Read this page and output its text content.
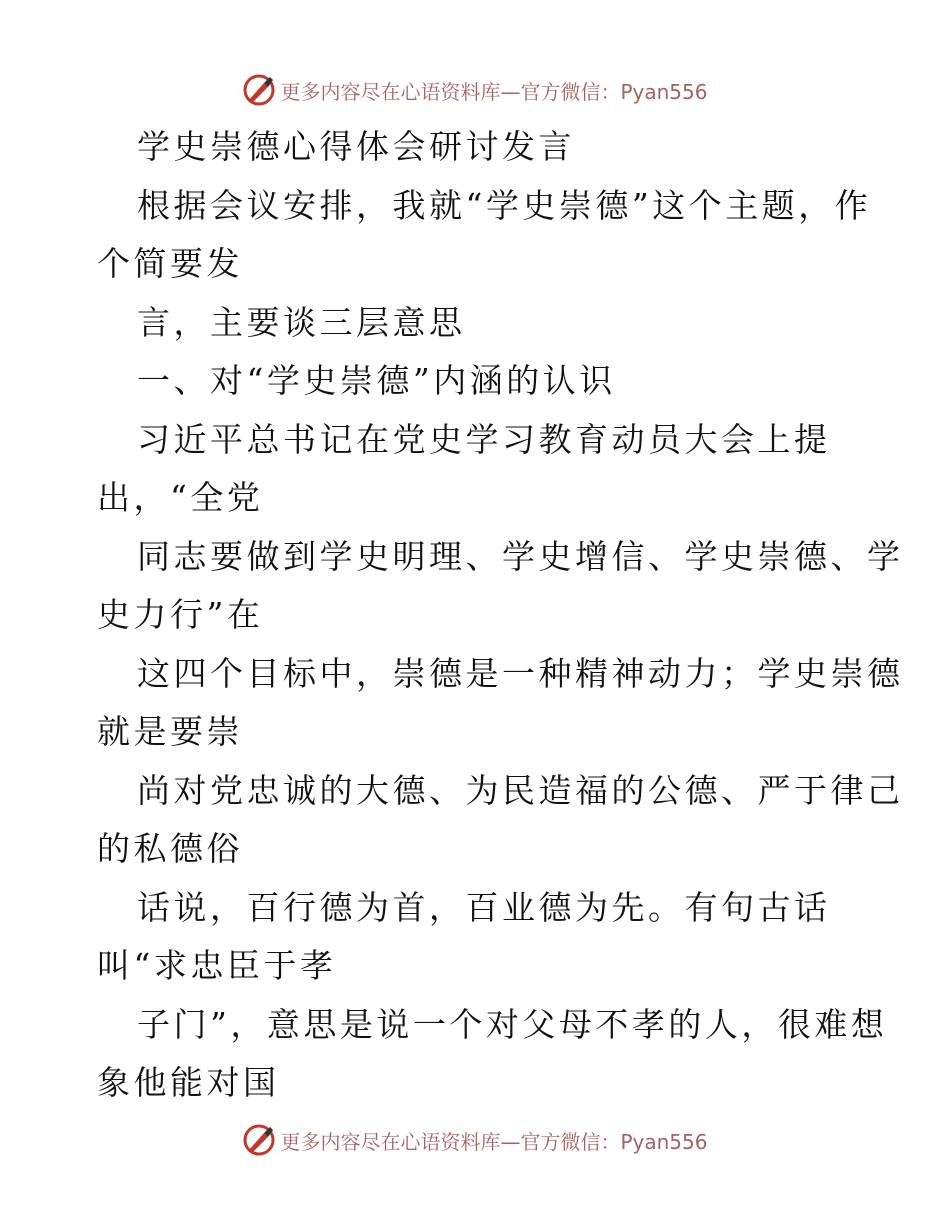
更多内容尽在心语资料库 —官方微信：Pyan556
学史崇德心得体会研讨发言
根据会议安排，我就“学史崇德”这个主题，作
个简要发
言，主要谈三层意思
一、对“学史崇德”内涵的认识
习近平总书记在党史学习教育动员大会上提
出，“全党
同志要做到学史明理、学史增信、学史崇德、学
史力行”在
这四个目标中，崇德是一种精神动力；学史崇德
就是要崇
尚对党忠诚的大德、为民造福的公德、严于律己
的私德俗
话说，百行德为首，百业德为先。有句古话
叫“求忠臣于孝
子门”，意思是说一个对父母不孝的人，很难想
象他能对国
更多内容尽在心语资料库 —官方微信：Pyan556
